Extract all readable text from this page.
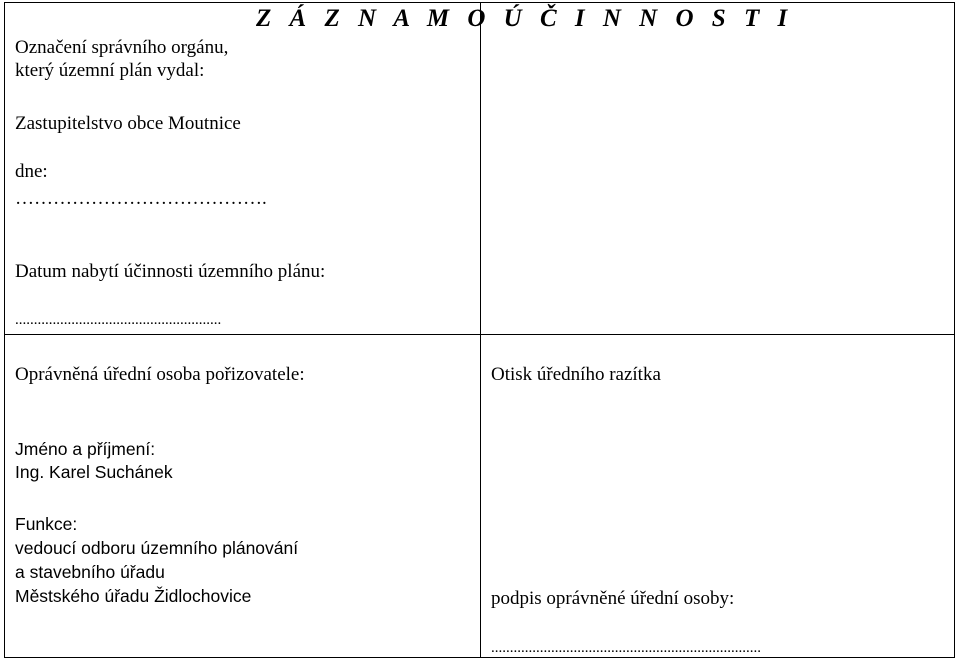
Z Á Z N A M O Ú Č I N N O S T I
Označení správního orgánu,
který územní plán vydal:
Zastupitelstvo obce Moutnice
dne:
………………………………….
Datum nabytí účinnosti územního plánu:
.......................................................
Oprávněná úřední osoba pořizovatele:
Jméno a příjmení:
Ing. Karel Suchánek
Funkce:
vedoucí odboru územního plánování
a stavebního úřadu
Městského úřadu Židlochovice
Otisk úředního razítka
podpis oprávněné úřední osoby:
........................................................................
